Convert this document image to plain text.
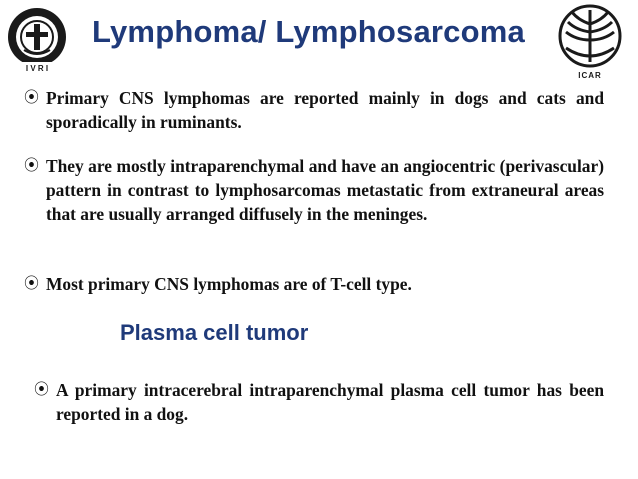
I V R I
Lymphoma/ Lymphosarcoma
ICAR
⦿ Primary CNS lymphomas are reported mainly in dogs and cats and sporadically in ruminants.
⦿ They are mostly intraparenchymal and have an angiocentric (perivascular) pattern in contrast to lymphosarcomas metastatic from extraneural areas that are usually arranged diffusely in the meninges.
⦿ Most primary CNS lymphomas are of T-cell type.
Plasma cell tumor
⦿ A primary intracerebral intraparenchymal plasma cell tumor has been reported in a dog.
